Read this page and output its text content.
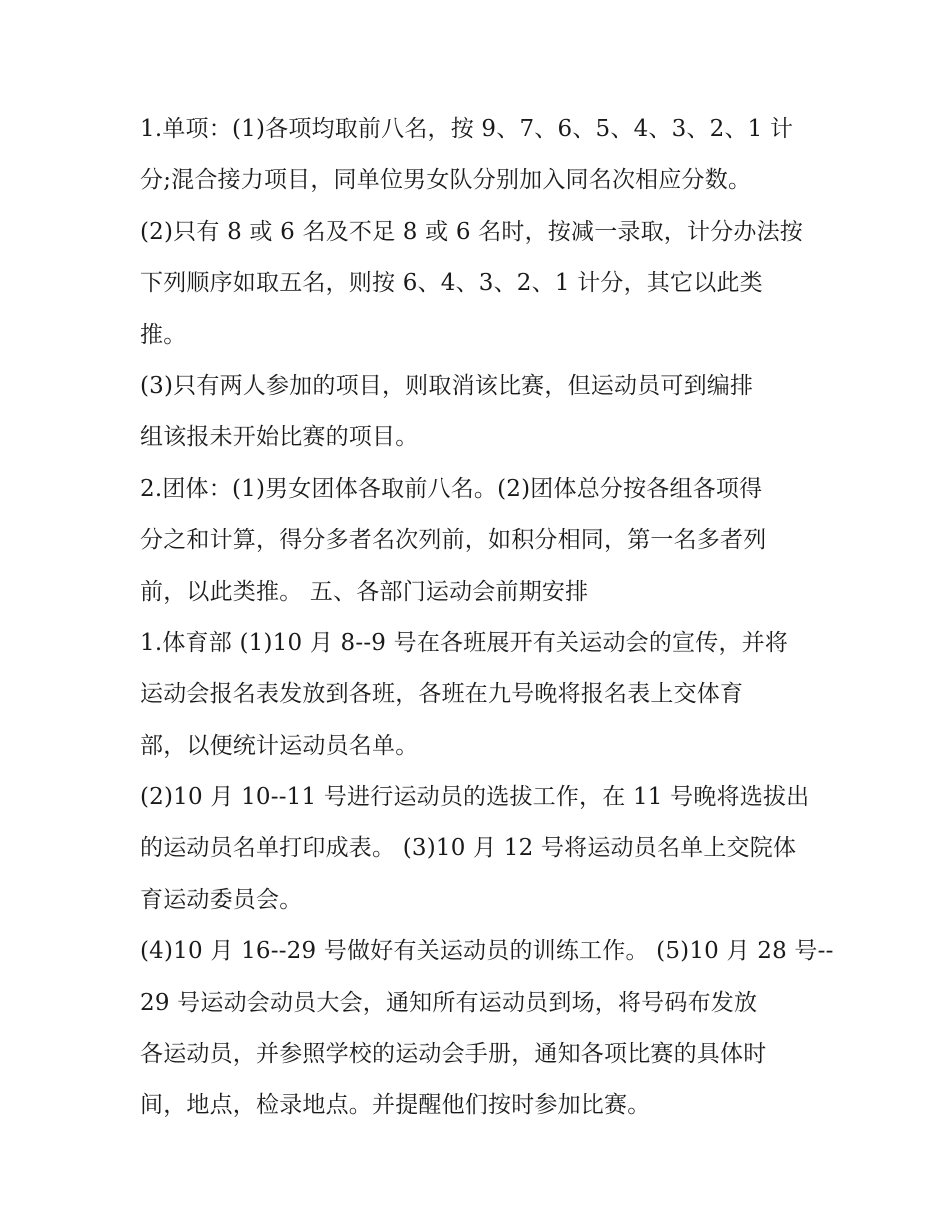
1.单项：(1)各项均取前八名，按 9、7、6、5、4、3、2、1 计
分;混合接力项目，同单位男女队分别加入同名次相应分数。
(2)只有 8 或 6 名及不足 8 或 6 名时，按减一录取，计分办法按
下列顺序如取五名，则按 6、4、3、2、1 计分，其它以此类
推。
(3)只有两人参加的项目，则取消该比赛，但运动员可到编排
组该报未开始比赛的项目。
2.团体：(1)男女团体各取前八名。(2)团体总分按各组各项得
分之和计算，得分多者名次列前，如积分相同，第一名多者列
前，以此类推。 五、各部门运动会前期安排
1.体育部 (1)10 月 8--9 号在各班展开有关运动会的宣传，并将
运动会报名表发放到各班，各班在九号晚将报名表上交体育
部，以便统计运动员名单。
(2)10 月 10--11 号进行运动员的选拔工作，在 11 号晚将选拔出
的运动员名单打印成表。 (3)10 月 12 号将运动员名单上交院体
育运动委员会。
(4)10 月 16--29 号做好有关运动员的训练工作。 (5)10 月 28 号--
29 号运动会动员大会，通知所有运动员到场，将号码布发放
各运动员，并参照学校的运动会手册，通知各项比赛的具体时
间，地点，检录地点。并提醒他们按时参加比赛。
